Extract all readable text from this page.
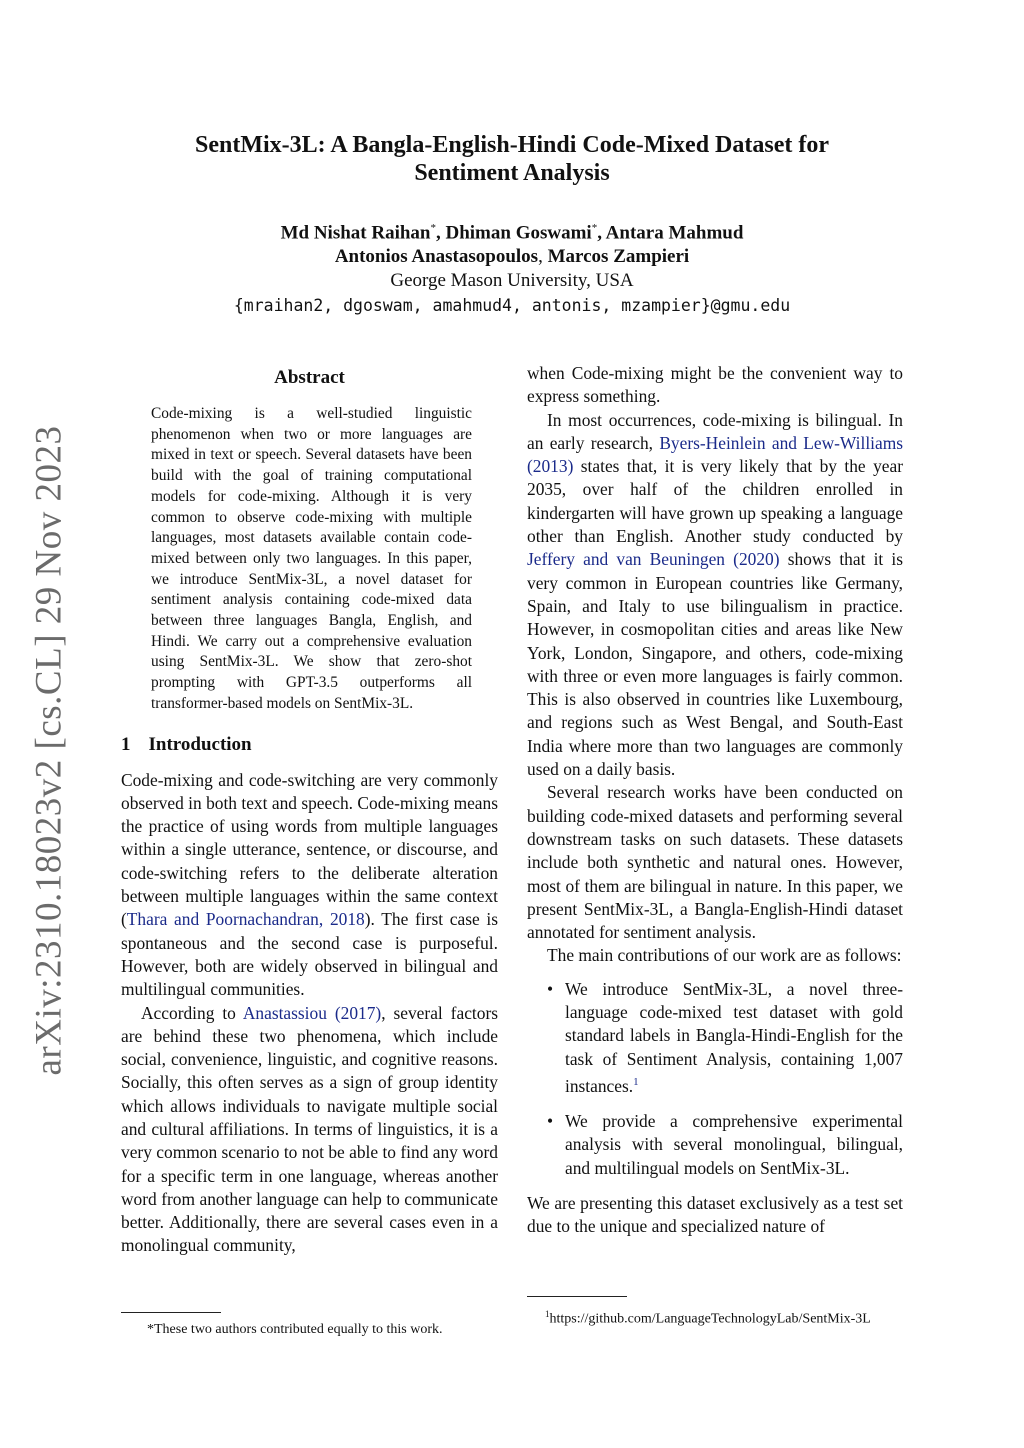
arXiv:2310.18023v2 [cs.CL] 29 Nov 2023
SentMix-3L: A Bangla-English-Hindi Code-Mixed Dataset for
Sentiment Analysis
Md Nishat Raihan*, Dhiman Goswami*, Antara Mahmud
Antonios Anastasopoulos, Marcos Zampieri
George Mason University, USA
{mraihan2, dgoswam, amahmud4, antonis, mzampier}@gmu.edu
Abstract
Code-mixing is a well-studied linguistic phenomenon when two or more languages are mixed in text or speech. Several datasets have been build with the goal of training computational models for code-mixing. Although it is very common to observe code-mixing with multiple languages, most datasets available contain code-mixed between only two languages. In this paper, we introduce SentMix-3L, a novel dataset for sentiment analysis containing code-mixed data between three languages Bangla, English, and Hindi. We carry out a comprehensive evaluation using SentMix-3L. We show that zero-shot prompting with GPT-3.5 outperforms all transformer-based models on SentMix-3L.
1 Introduction

Code-mixing and code-switching are very commonly observed in both text and speech. Code-mixing means the practice of using words from multiple languages within a single utterance, sentence, or discourse, and code-switching refers to the deliberate alteration between multiple languages within the same context (Thara and Poornachandran, 2018). The first case is spontaneous and the second case is purposeful. However, both are widely observed in bilingual and multilingual communities.

According to Anastassiou (2017), several factors are behind these two phenomena, which include social, convenience, linguistic, and cognitive reasons. Socially, this often serves as a sign of group identity which allows individuals to navigate multiple social and cultural affiliations. In terms of linguistics, it is a very common scenario to not be able to find any word for a specific term in one language, whereas another word from another language can help to communicate better. Additionally, there are several cases even in a monolingual community,

*These two authors contributed equally to this work.

when Code-mixing might be the convenient way to express something.

In most occurrences, code-mixing is bilingual. In an early research, Byers-Heinlein and Lew-Williams (2013) states that, it is very likely that by the year 2035, over half of the children enrolled in kindergarten will have grown up speaking a language other than English. Another study conducted by Jeffery and van Beuningen (2020) shows that it is very common in European countries like Germany, Spain, and Italy to use bilingualism in practice. However, in cosmopolitan cities and areas like New York, London, Singapore, and others, code-mixing with three or even more languages is fairly common. This is also observed in countries like Luxembourg, and regions such as West Bengal, and South-East India where more than two languages are commonly used on a daily basis.

Several research works have been conducted on building code-mixed datasets and performing several downstream tasks on such datasets. These datasets include both synthetic and natural ones. However, most of them are bilingual in nature. In this paper, we present SentMix-3L, a Bangla-English-Hindi dataset annotated for sentiment analysis.

The main contributions of our work are as follows:

• We introduce SentMix-3L, a novel three-language code-mixed test dataset with gold standard labels in Bangla-Hindi-English for the task of Sentiment Analysis, containing 1,007 instances.$^1$
• We provide a comprehensive experimental analysis with several monolingual, bilingual, and multilingual models on SentMix-3L.

We are presenting this dataset exclusively as a test set due to the unique and specialized nature of

$^1$https://github.com/LanguageTechnologyLab/SentMix-3L
